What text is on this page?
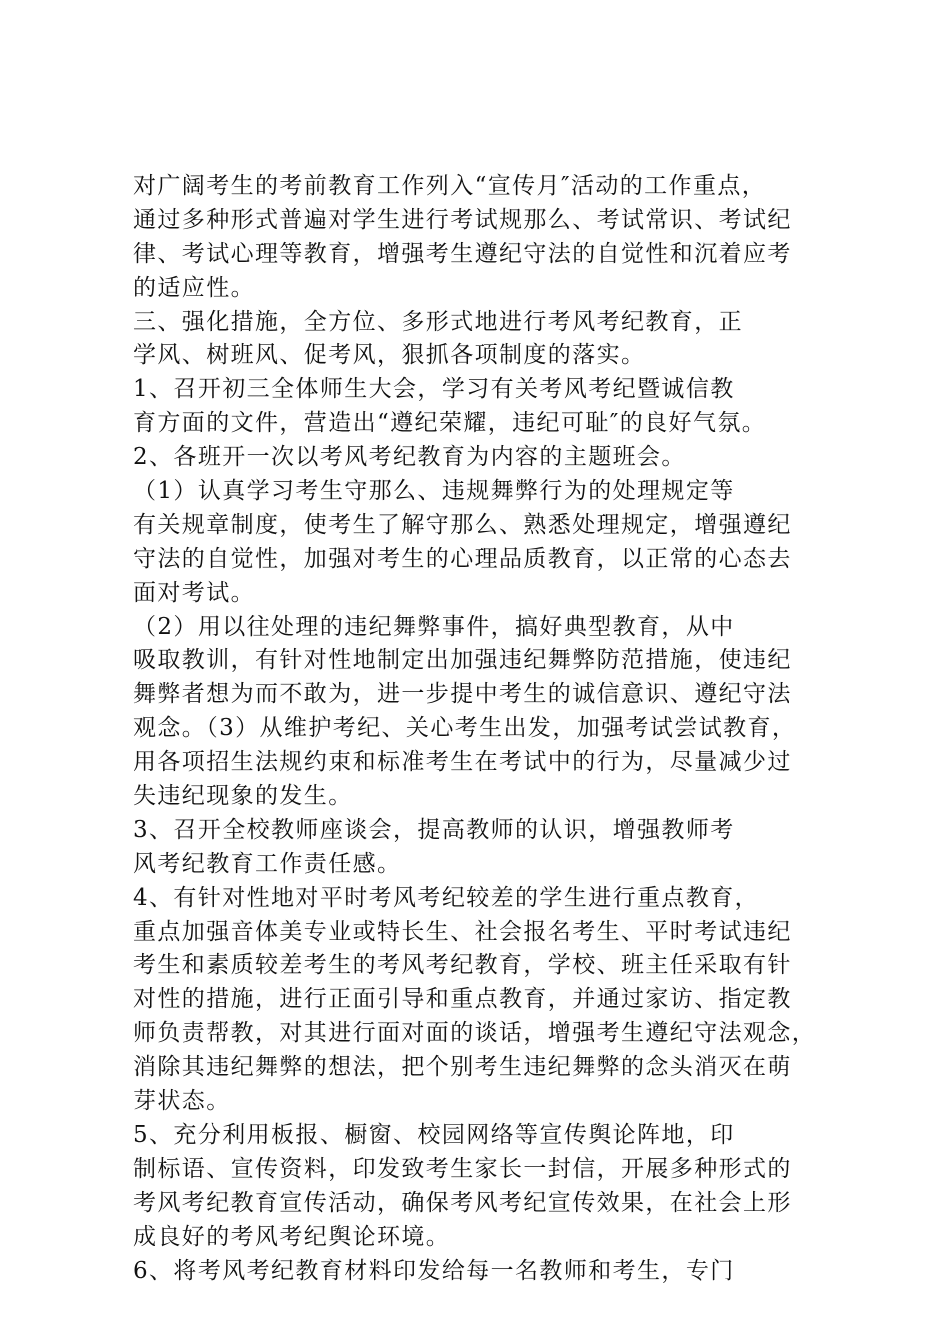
对广阔考生的考前教育工作列入“宣传月″活动的工作重点，
通过多种形式普遍对学生进行考试规那么、考试常识、考试纪
律、考试心理等教育，增强考生遵纪守法的自觉性和沉着应考
的适应性。
三、强化措施，全方位、多形式地进行考风考纪教育，正
学风、树班风、促考风，狠抓各项制度的落实。
1、召开初三全体师生大会，学习有关考风考纪暨诚信教
育方面的文件，营造出“遵纪荣耀，违纪可耻″的良好气氛。
2、各班开一次以考风考纪教育为内容的主题班会。
（1）认真学习考生守那么、违规舞弊行为的处理规定等
有关规章制度，使考生了解守那么、熟悉处理规定，增强遵纪
守法的自觉性，加强对考生的心理品质教育，以正常的心态去
面对考试。
（2）用以往处理的违纪舞弊事件，搞好典型教育，从中
吸取教训，有针对性地制定出加强违纪舞弊防范措施，使违纪
舞弊者想为而不敢为，进一步提中考生的诚信意识、遵纪守法
观念。（3）从维护考纪、关心考生出发，加强考试尝试教育，
用各项招生法规约束和标准考生在考试中的行为，尽量减少过
失违纪现象的发生。
3、召开全校教师座谈会，提高教师的认识，增强教师考
风考纪教育工作责任感。
4、有针对性地对平时考风考纪较差的学生进行重点教育，
重点加强音体美专业或特长生、社会报名考生、平时考试违纪
考生和素质较差考生的考风考纪教育，学校、班主任采取有针
对性的措施，进行正面引导和重点教育，并通过家访、指定教
师负责帮教，对其进行面对面的谈话，增强考生遵纪守法观念，
消除其违纪舞弊的想法，把个别考生违纪舞弊的念头消灭在萌
芽状态。
5、充分利用板报、橱窗、校园网络等宣传舆论阵地，印
制标语、宣传资料，印发致考生家长一封信，开展多种形式的
考风考纪教育宣传活动，确保考风考纪宣传效果，在社会上形
成良好的考风考纪舆论环境。
6、将考风考纪教育材料印发给每一名教师和考生，专门
